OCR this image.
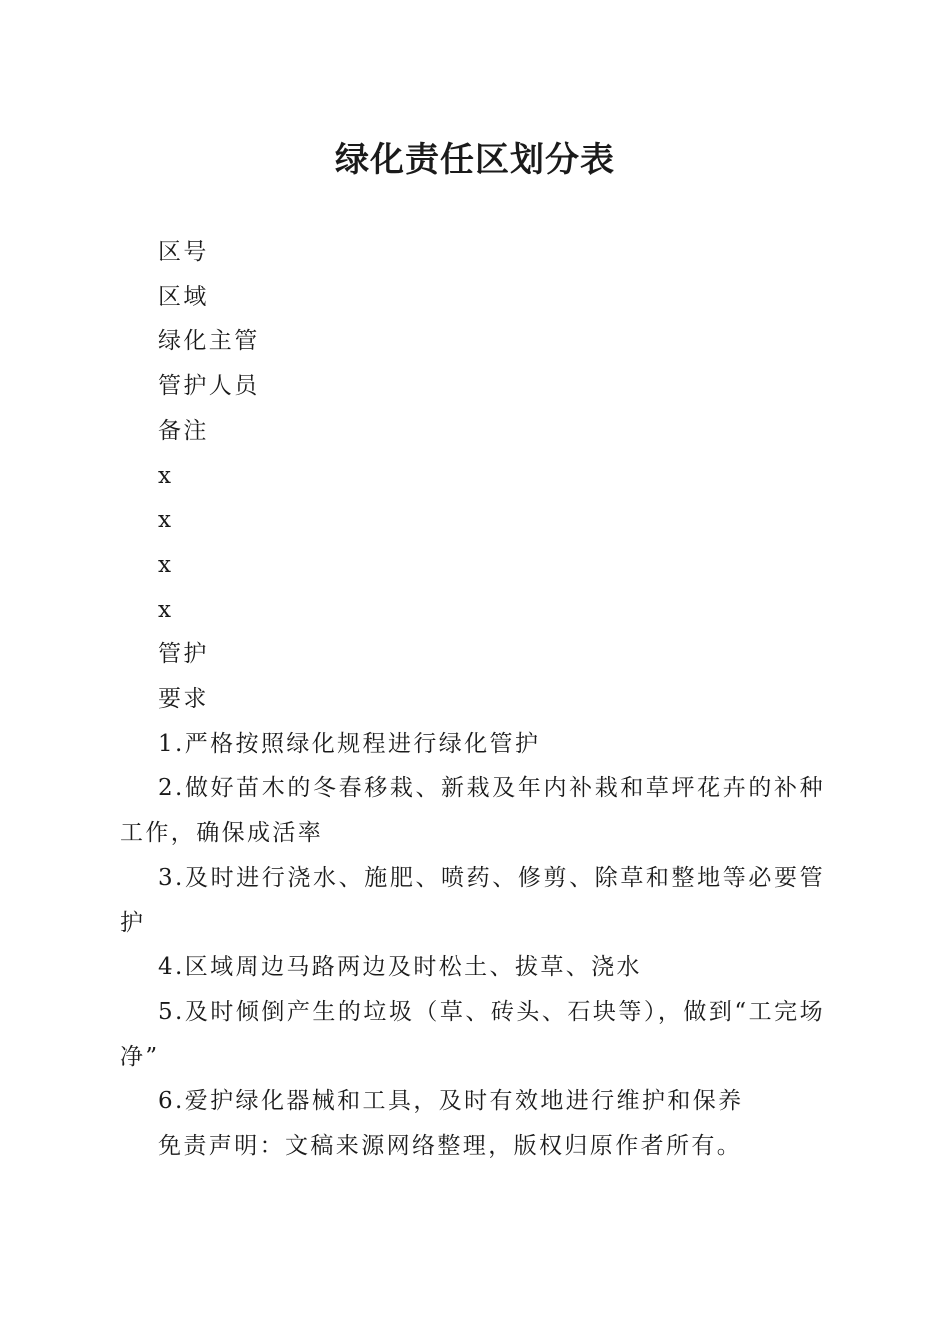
绿化责任区划分表

区号

区域

绿化主管

管护人员

备注

x

x

x

x

管护

要求

1.严格按照绿化规程进行绿化管护

2.做好苗木的冬春移栽、新栽及年内补栽和草坪花卉的补种工作，确保成活率

3.及时进行浇水、施肥、喷药、修剪、除草和整地等必要管护

4.区域周边马路两边及时松土、拔草、浇水

5.及时倾倒产生的垃圾（草、砖头、石块等），做到“工完场净”

6.爱护绿化器械和工具，及时有效地进行维护和保养

免责声明：文稿来源网络整理，版权归原作者所有。
